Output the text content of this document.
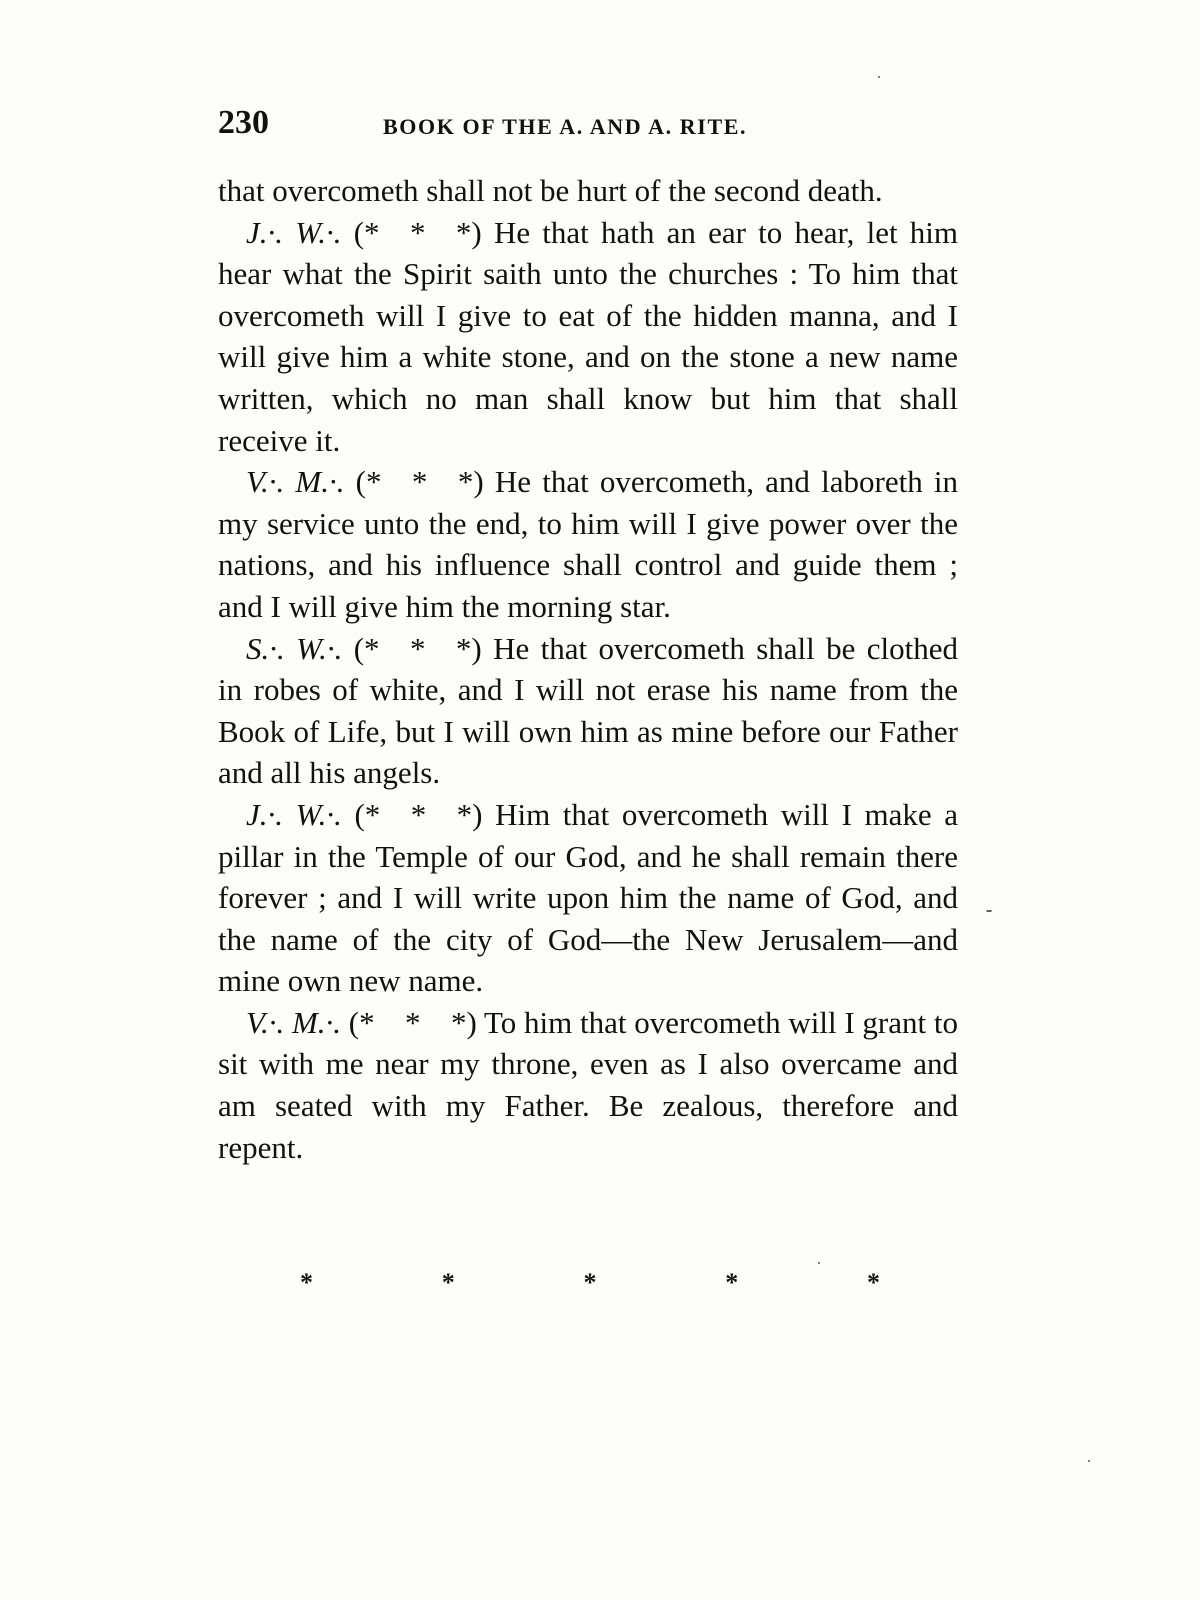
230	BOOK OF THE A. AND A. RITE.

that overcometh shall not be hurt of the second death.

J.·. W.·. (* * *) He that hath an ear to hear, let him hear what the Spirit saith unto the churches : To him that overcometh will I give to eat of the hidden manna, and I will give him a white stone, and on the stone a new name written, which no man shall know but him that shall receive it.

V.·. M.·. (* * *) He that overcometh, and laboreth in my service unto the end, to him will I give power over the nations, and his influence shall control and guide them ; and I will give him the morning star.

S.·. W.·. (* * *) He that overcometh shall be clothed in robes of white, and I will not erase his name from the Book of Life, but I will own him as mine before our Father and all his angels.

J.·. W.·. (* * *) Him that overcometh will I make a pillar in the Temple of our God, and he shall remain there forever ; and I will write upon him the name of God, and the name of the city of God—the New Jerusalem—and mine own new name.

V.·. M.·. (* * *) To him that overcometh will I grant to sit with me near my throne, even as I also overcame and am seated with my Father. Be zealous, therefore and repent.

*	*	*	*	*
